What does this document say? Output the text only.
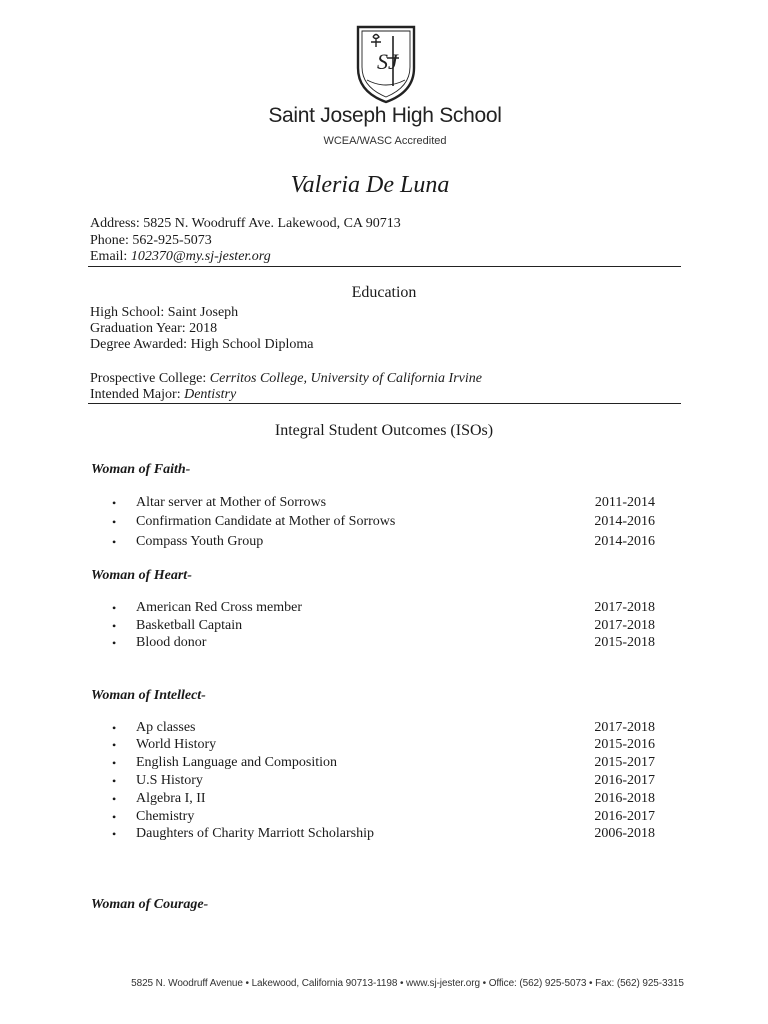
SJ
Saint Joseph High School
WCEA/WASC Accredited
Valeria De Luna
Address: 5825 N. Woodruff Ave. Lakewood, CA 90713
Phone: 562-925-5073
Email: 102370@my.sj-jester.org
Education
High School: Saint Joseph
Graduation Year: 2018
Degree Awarded: High School Diploma
Prospective College: Cerritos College, University of California Irvine
Intended Major: Dentistry
Integral Student Outcomes (ISOs)
Woman of Faith-
• Altar server at Mother of Sorrows	2011-2014
• Confirmation Candidate at Mother of Sorrows	2014-2016
• Compass Youth Group	2014-2016
Woman of Heart-
• American Red Cross member	2017-2018
• Basketball Captain	2017-2018
• Blood donor	2015-2018
Woman of Intellect-
• Ap classes	2017-2018
• World History	2015-2016
• English Language and Composition	2015-2017
• U.S History	2016-2017
• Algebra I, II	2016-2018
• Chemistry	2016-2017
• Daughters of Charity Marriott Scholarship	2006-2018
Woman of Courage-
5825 N. Woodruff Avenue • Lakewood, California 90713-1198 • www.sj-jester.org • Office: (562) 925-5073 • Fax: (562) 925-3315
